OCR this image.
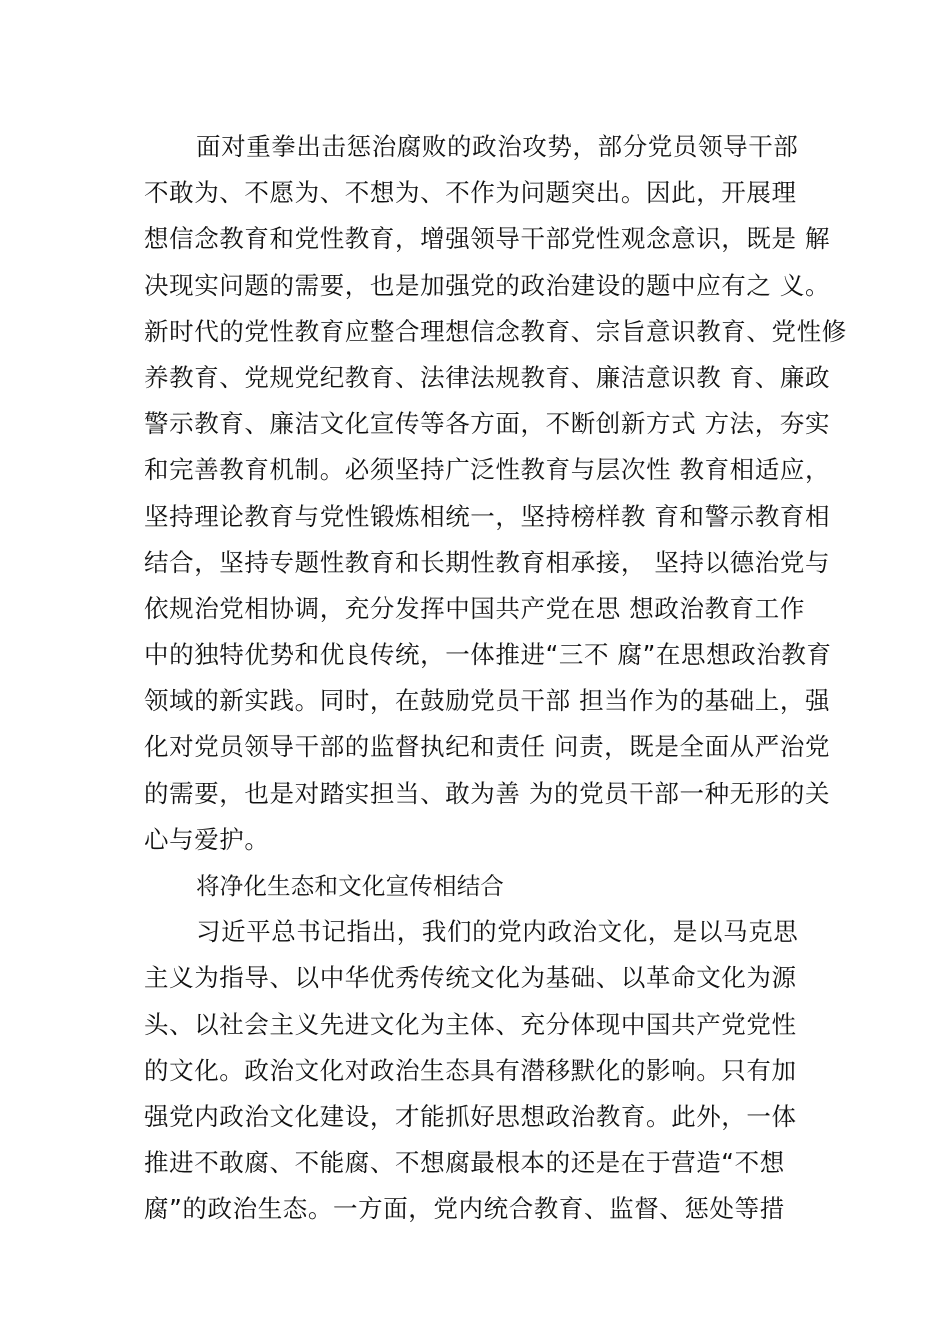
面对重拳出击惩治腐败的政治攻势，部分党员领导干部
不敢为、不愿为、不想为、不作为问题突出。因此，开展理
想信念教育和党性教育，增强领导干部党性观念意识，既是 解
决现实问题的需要，也是加强党的政治建设的题中应有之 义。
新时代的党性教育应整合理想信念教育、宗旨意识教育、党性修
养教育、党规党纪教育、法律法规教育、廉洁意识教 育、廉政
警示教育、廉洁文化宣传等各方面，不断创新方式 方法，夯实
和完善教育机制。必须坚持广泛性教育与层次性 教育相适应，
坚持理论教育与党性锻炼相统一，坚持榜样教 育和警示教育相
结合，坚持专题性教育和长期性教育相承接， 坚持以德治党与
依规治党相协调，充分发挥中国共产党在思 想政治教育工作
中的独特优势和优良传统，一体推进“三不 腐”在思想政治教育
领域的新实践。同时，在鼓励党员干部 担当作为的基础上，强
化对党员领导干部的监督执纪和责任 问责，既是全面从严治党
的需要，也是对踏实担当、敢为善 为的党员干部一种无形的关
心与爱护。
将净化生态和文化宣传相结合
习近平总书记指出，我们的党内政治文化，是以马克思
主义为指导、以中华优秀传统文化为基础、以革命文化为源
头、以社会主义先进文化为主体、充分体现中国共产党党性
的文化。政治文化对政治生态具有潜移默化的影响。只有加
强党内政治文化建设，才能抓好思想政治教育。此外，一体
推进不敢腐、不能腐、不想腐最根本的还是在于营造“不想
腐”的政治生态。一方面，党内统合教育、监督、惩处等措
